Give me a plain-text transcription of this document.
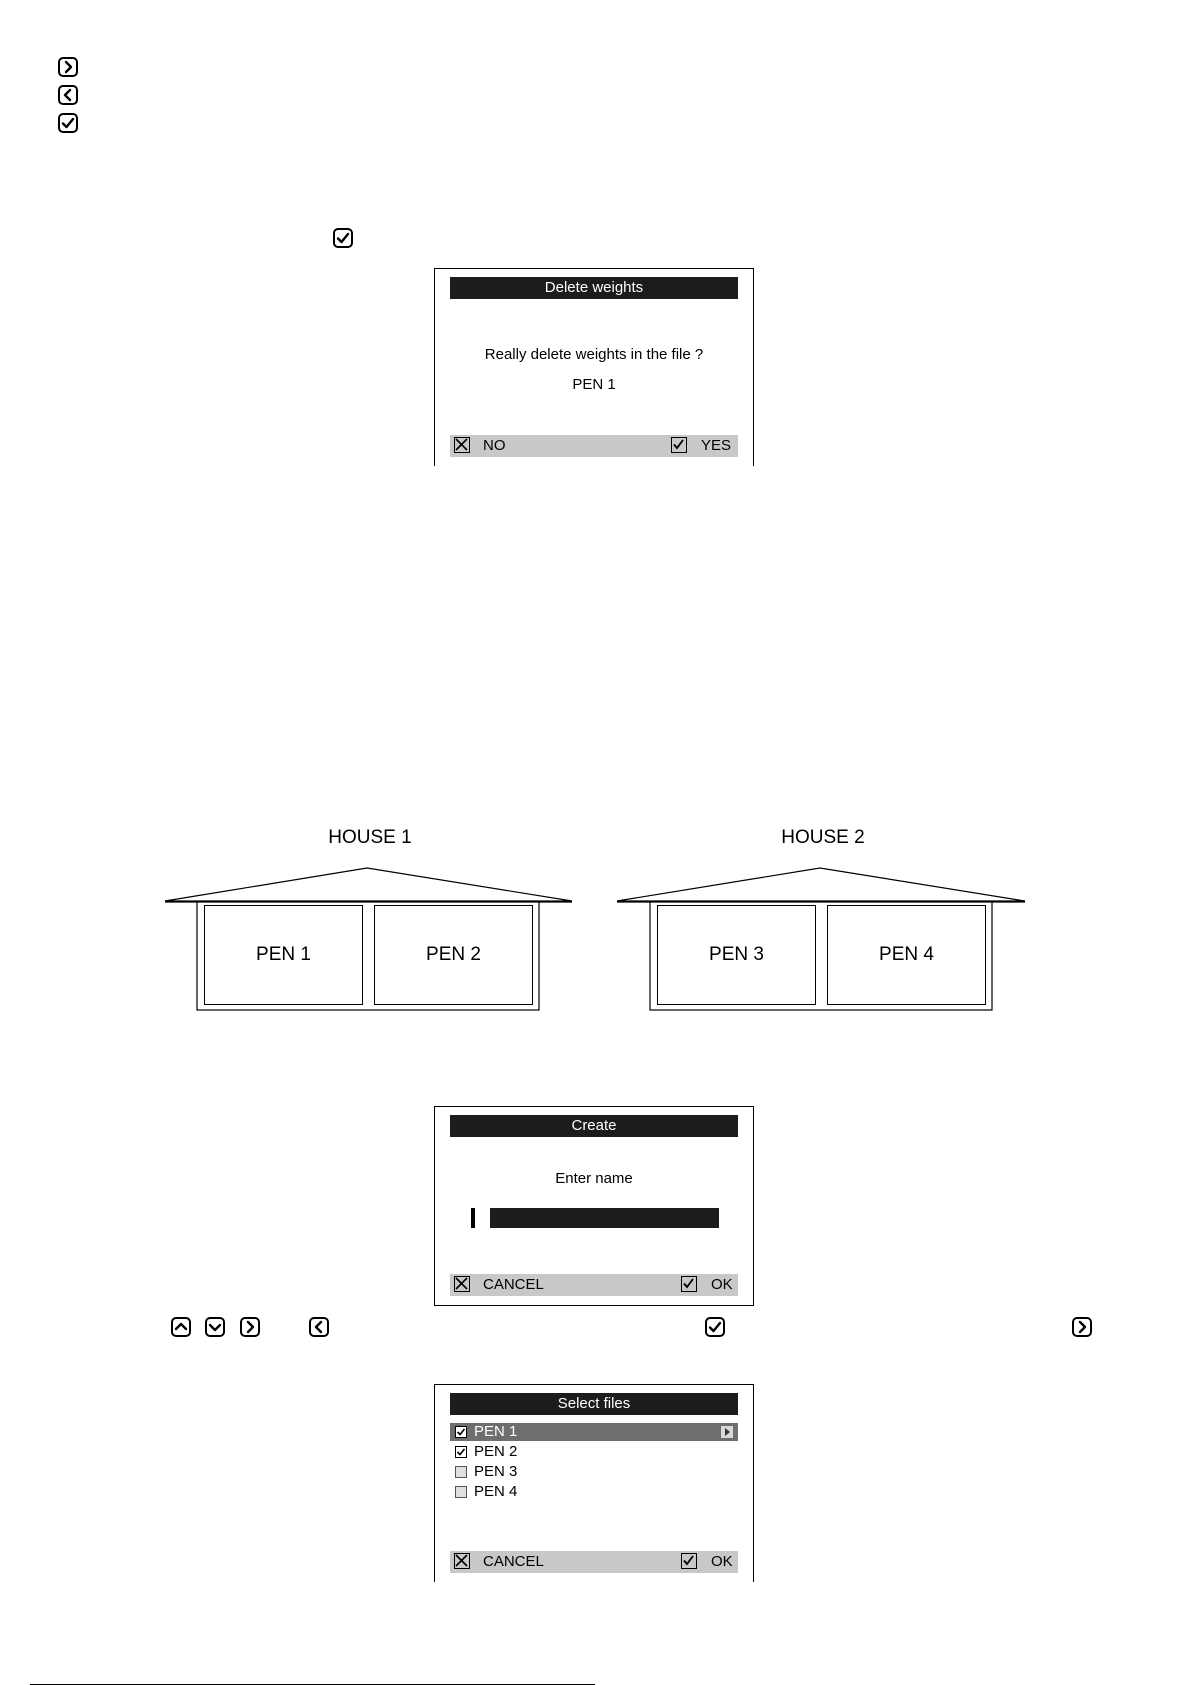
Delete weights
Really delete weights in the file ?
PEN 1
NO	YES
HOUSE 1	HOUSE 2
PEN 1	PEN 2	PEN 3	PEN 4
Create
Enter name
CANCEL	OK
Select files
PEN 1
PEN 2
PEN 3
PEN 4
CANCEL	OK
